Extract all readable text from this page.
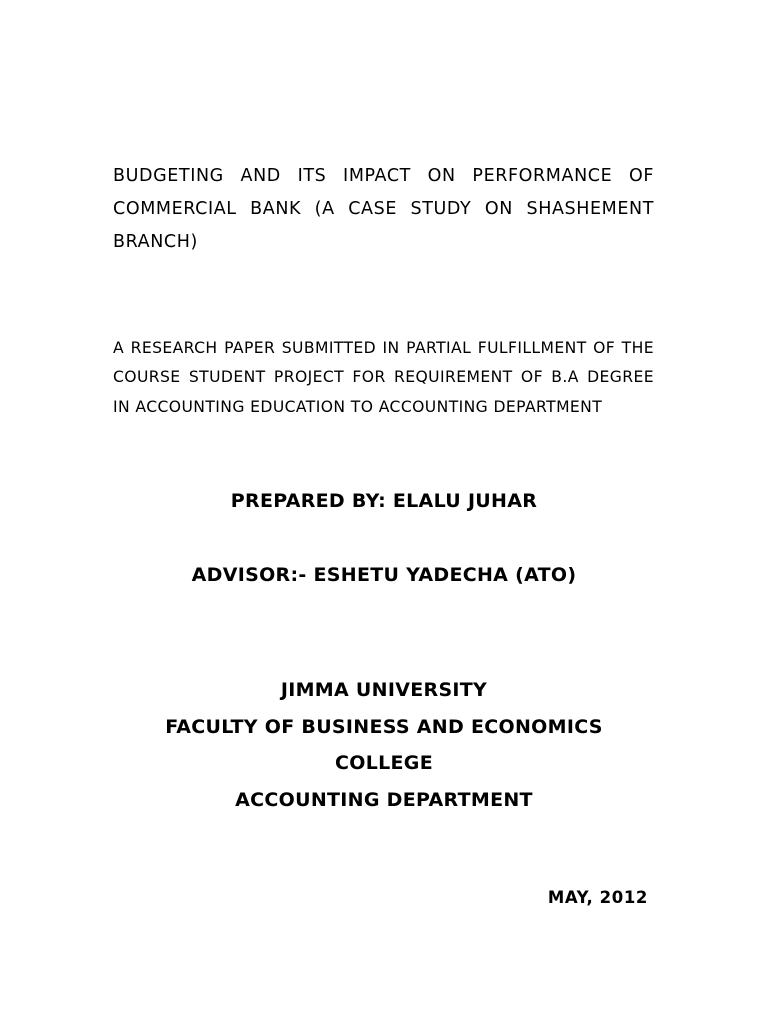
BUDGETING AND ITS IMPACT ON PERFORMANCE OF COMMERCIAL BANK (A CASE STUDY ON SHASHEMENT BRANCH)
A RESEARCH PAPER SUBMITTED IN PARTIAL FULFILLMENT OF THE COURSE STUDENT PROJECT FOR REQUIREMENT OF B.A DEGREE IN ACCOUNTING EDUCATION TO ACCOUNTING DEPARTMENT
PREPARED BY: ELALU JUHAR
ADVISOR:- ESHETU YADECHA (ATO)
JIMMA UNIVERSITY
FACULTY OF BUSINESS AND ECONOMICS
COLLEGE
ACCOUNTING DEPARTMENT
MAY, 2012
